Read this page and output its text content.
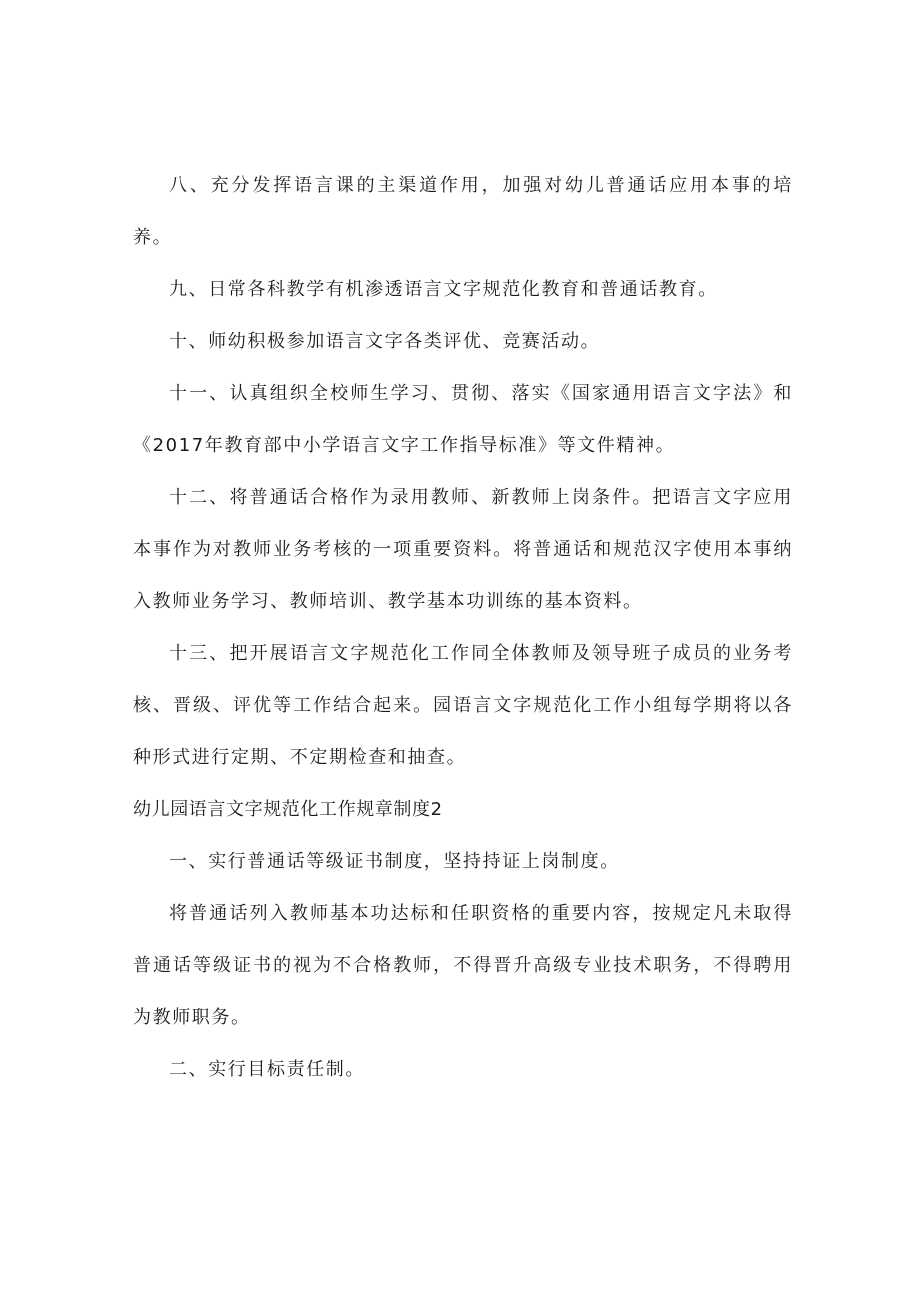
八、充分发挥语言课的主渠道作用，加强对幼儿普通话应用本事的培养。

九、日常各科教学有机渗透语言文字规范化教育和普通话教育。

十、师幼积极参加语言文字各类评优、竞赛活动。

十一、认真组织全校师生学习、贯彻、落实《国家通用语言文字法》和《2017年教育部中小学语言文字工作指导标准》等文件精神。

十二、将普通话合格作为录用教师、新教师上岗条件。把语言文字应用本事作为对教师业务考核的一项重要资料。将普通话和规范汉字使用本事纳入教师业务学习、教师培训、教学基本功训练的基本资料。

十三、把开展语言文字规范化工作同全体教师及领导班子成员的业务考核、晋级、评优等工作结合起来。园语言文字规范化工作小组每学期将以各种形式进行定期、不定期检查和抽查。

幼儿园语言文字规范化工作规章制度2

一、实行普通话等级证书制度，坚持持证上岗制度。

将普通话列入教师基本功达标和任职资格的重要内容，按规定凡未取得普通话等级证书的视为不合格教师，不得晋升高级专业技术职务，不得聘用为教师职务。

二、实行目标责任制。
